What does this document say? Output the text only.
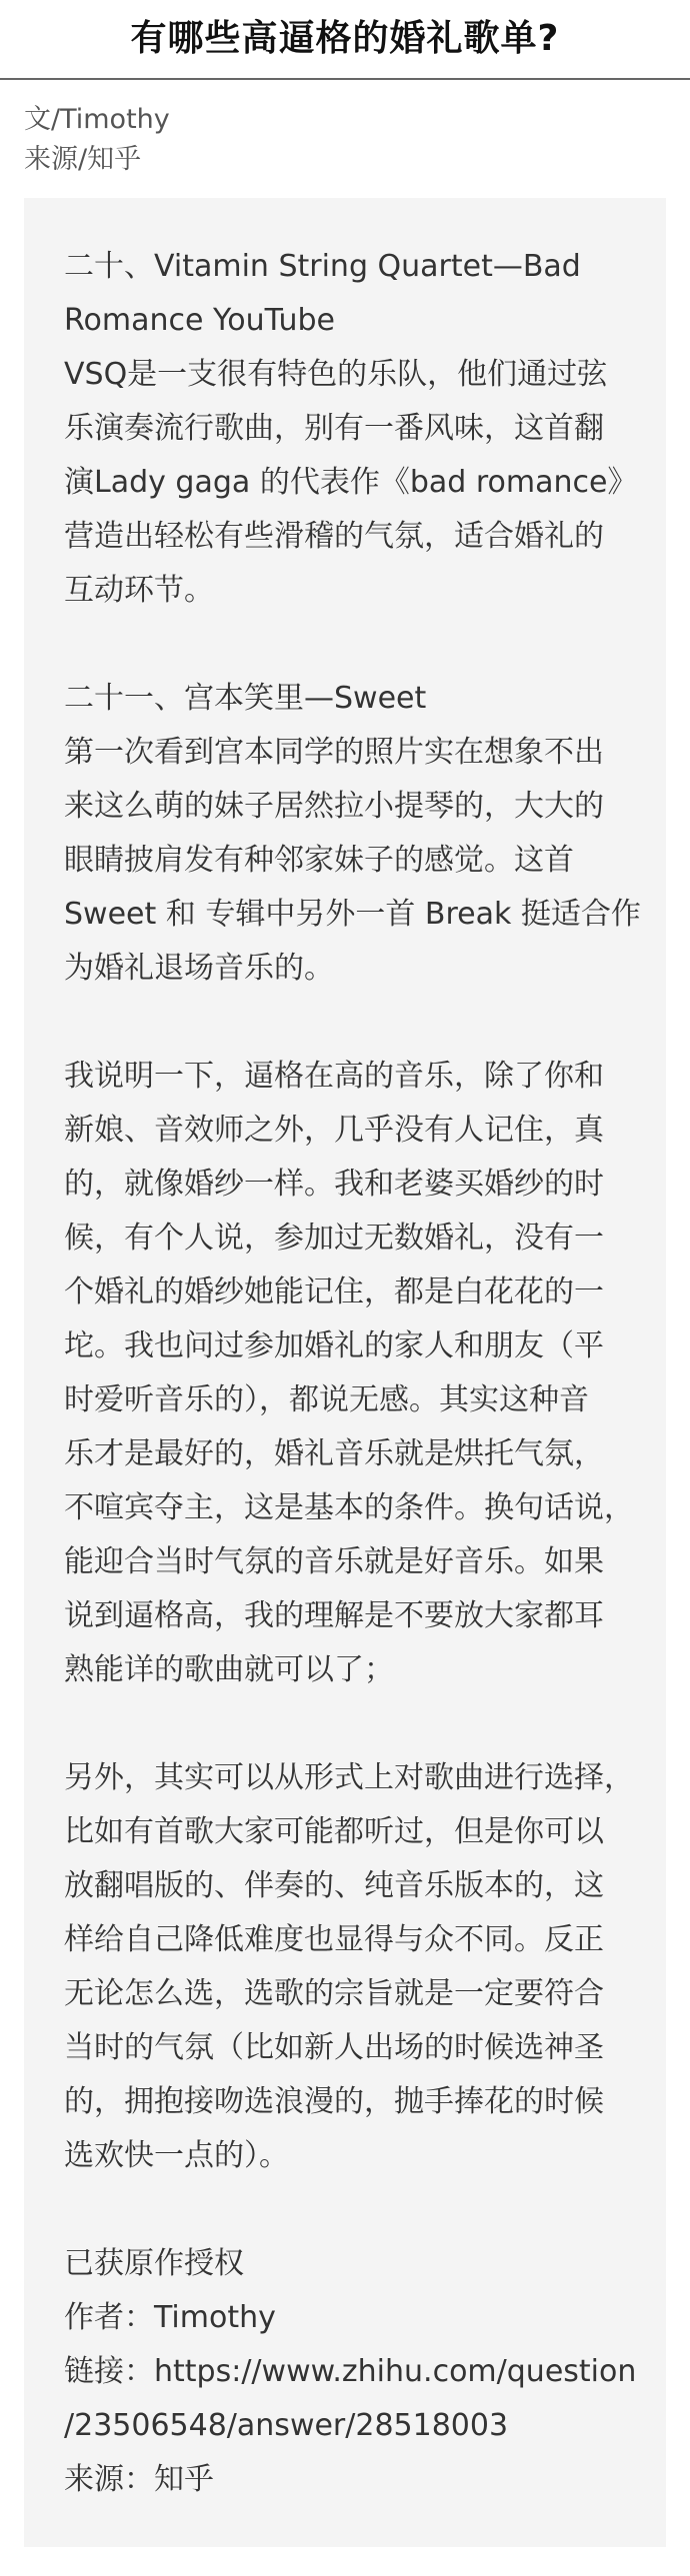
有哪些高逼格的婚礼歌单?
文/Timothy
来源/知乎
二十、Vitamin String Quartet—Bad
Romance YouTube
VSQ是一支很有特色的乐队，他们通过弦
乐演奏流行歌曲，别有一番风味，这首翻
演Lady gaga 的代表作《bad romance》
营造出轻松有些滑稽的气氛，适合婚礼的
互动环节。
二十一、宫本笑里—Sweet
第一次看到宫本同学的照片实在想象不出
来这么萌的妹子居然拉小提琴的，大大的
眼睛披肩发有种邻家妹子的感觉。这首
Sweet 和 专辑中另外一首 Break 挺适合作
为婚礼退场音乐的。
我说明一下，逼格在高的音乐，除了你和
新娘、音效师之外，几乎没有人记住，真
的，就像婚纱一样。我和老婆买婚纱的时
候，有个人说，参加过无数婚礼，没有一
个婚礼的婚纱她能记住，都是白花花的一
坨。我也问过参加婚礼的家人和朋友（平
时爱听音乐的），都说无感。其实这种音
乐才是最好的，婚礼音乐就是烘托气氛，
不喧宾夺主，这是基本的条件。换句话说，
能迎合当时气氛的音乐就是好音乐。如果
说到逼格高，我的理解是不要放大家都耳
熟能详的歌曲就可以了；
另外，其实可以从形式上对歌曲进行选择，
比如有首歌大家可能都听过，但是你可以
放翻唱版的、伴奏的、纯音乐版本的，这
样给自己降低难度也显得与众不同。反正
无论怎么选，选歌的宗旨就是一定要符合
当时的气氛（比如新人出场的时候选神圣
的，拥抱接吻选浪漫的，抛手捧花的时候
选欢快一点的）。
已获原作授权
作者：Timothy
链接：https://www.zhihu.com/question
/23506548/answer/28518003
来源：知乎
